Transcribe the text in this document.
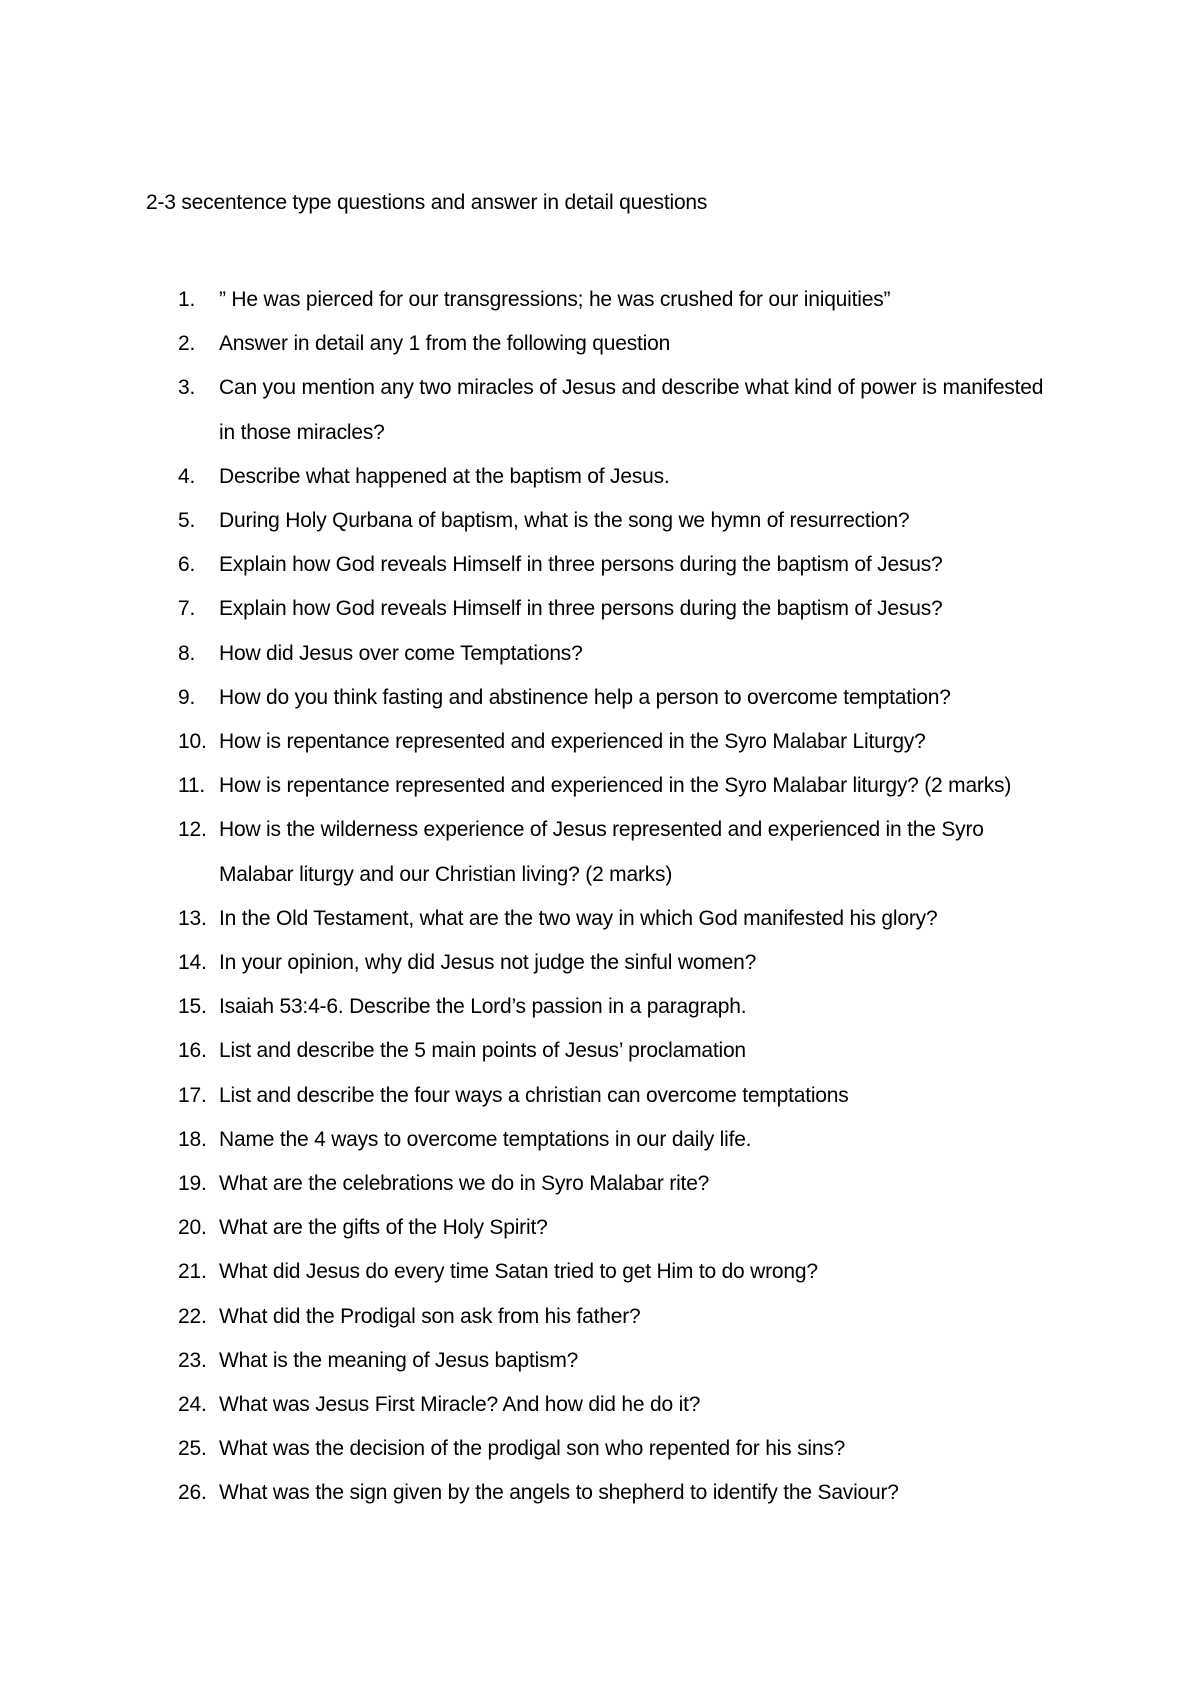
2-3 secentence type questions and answer in detail questions
1.	” He was pierced for our transgressions; he was crushed for our iniquities”
2.	Answer in detail any 1 from the following question
3.	Can you mention any two miracles of Jesus and describe what kind of power is manifested in those miracles?
4.	Describe what happened at the baptism of Jesus.
5.	During Holy Qurbana of baptism, what is the song we hymn of resurrection?
6.	Explain how God reveals Himself in three persons during the baptism of Jesus?
7.	Explain how God reveals Himself in three persons during the baptism of Jesus?
8.	How did Jesus over come Temptations?
9.	How do you think fasting and abstinence help a person to overcome temptation?
10. How is repentance represented and experienced in the Syro Malabar Liturgy?
11. How is repentance represented and experienced in the Syro Malabar liturgy? (2 marks)
12. How is the wilderness experience of Jesus represented and experienced in the Syro Malabar liturgy and our Christian living? (2 marks)
13. In the Old Testament, what are the two way in which God manifested his glory?
14. In your opinion, why did Jesus not judge the sinful women?
15. Isaiah 53:4-6. Describe the Lord’s passion in a paragraph.
16. List and describe the 5 main points of Jesus’ proclamation
17. List and describe the four ways a christian can overcome temptations
18. Name the 4 ways to overcome temptations in our daily life.
19. What are the celebrations we do in Syro Malabar rite?
20. What are the gifts of the Holy Spirit?
21. What did Jesus do every time Satan tried to get Him to do wrong?
22. What did the Prodigal son ask from his father?
23. What is the meaning of Jesus baptism?
24. What was Jesus First Miracle? And how did he do it?
25. What was the decision of the prodigal son who repented for his sins?
26. What was the sign given by the angels to shepherd to identify the Saviour?
